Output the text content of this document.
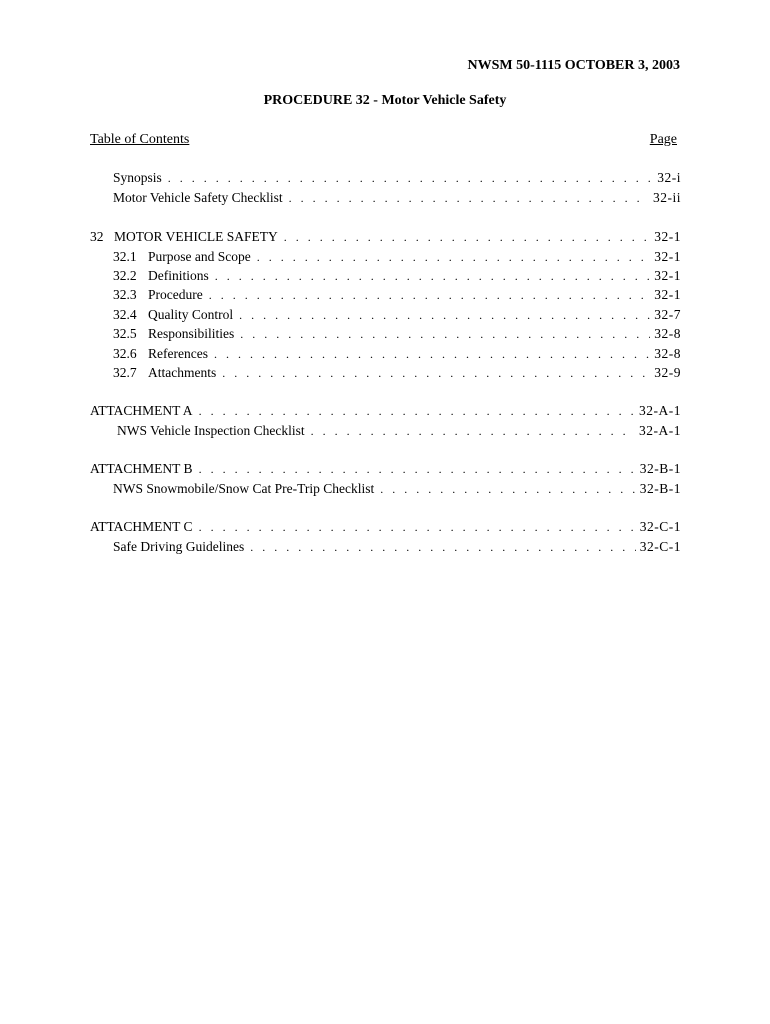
NWSM 50-1115 OCTOBER 3, 2003
PROCEDURE 32 - Motor Vehicle Safety
Table of Contents	Page
Synopsis . . .	32-i
Motor Vehicle Safety Checklist . . .	32-ii
32 MOTOR VEHICLE SAFETY . . .	32-1
32.1 Purpose and Scope . . .	32-1
32.2 Definitions . . .	32-1
32.3 Procedure . . .	32-1
32.4 Quality Control . . .	32-7
32.5 Responsibilities . . .	32-8
32.6 References . . .	32-8
32.7 Attachments . . .	32-9
ATTACHMENT A . . .	32-A-1
NWS Vehicle Inspection Checklist . . .	32-A-1
ATTACHMENT B . . .	32-B-1
NWS Snowmobile/Snow Cat Pre-Trip Checklist . . .	32-B-1
ATTACHMENT C . . .	32-C-1
Safe Driving Guidelines . . .	32-C-1
